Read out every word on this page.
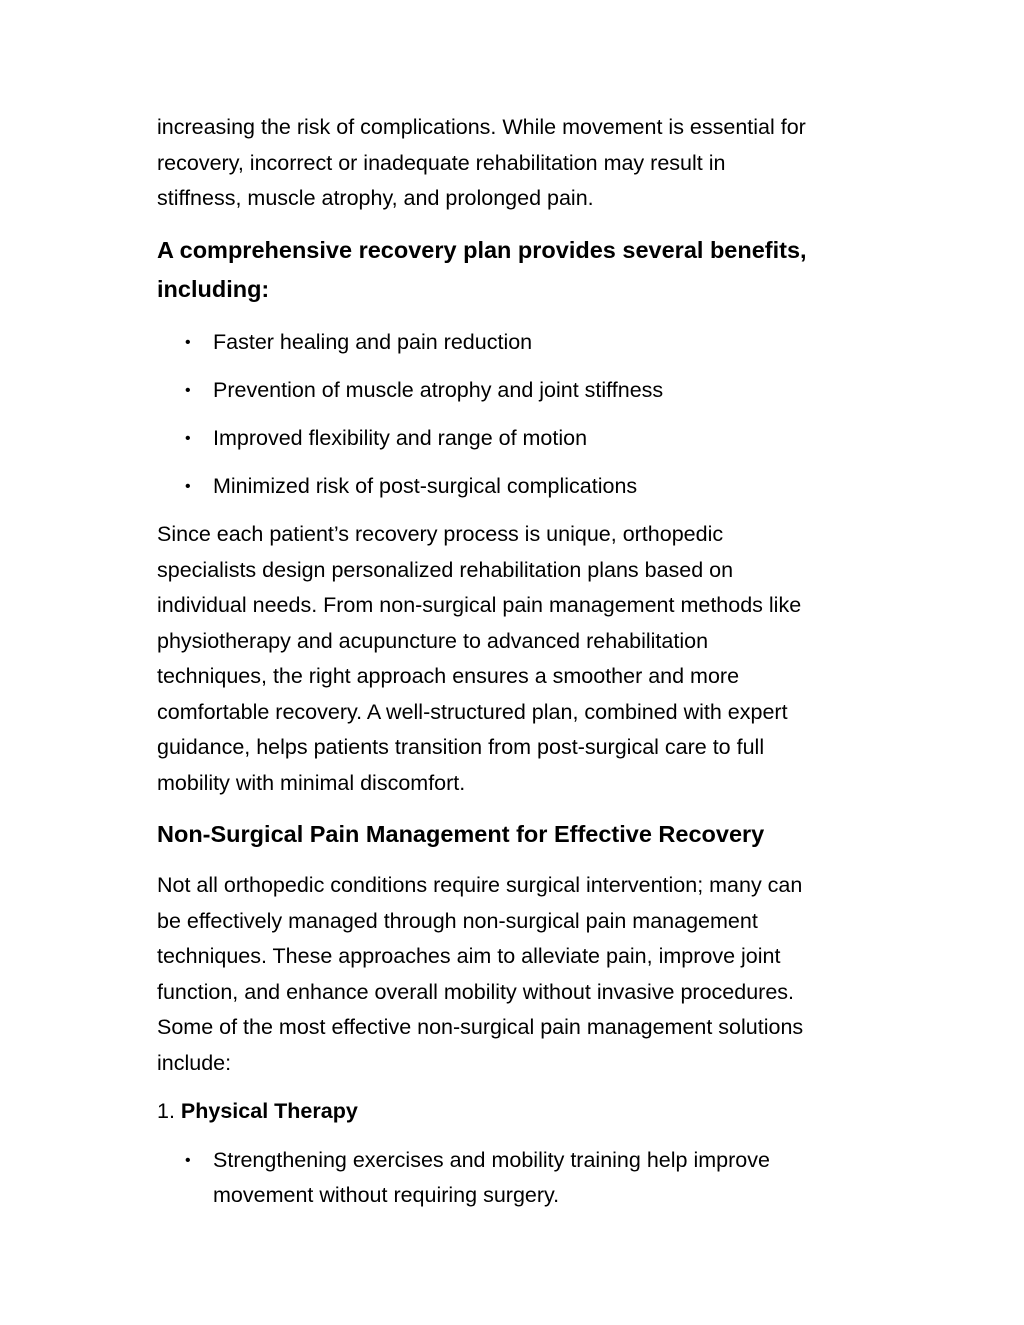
increasing the risk of complications. While movement is essential for
recovery, incorrect or inadequate rehabilitation may result in
stiffness, muscle atrophy, and prolonged pain.

A comprehensive recovery plan provides several benefits,
including:
• Faster healing and pain reduction
• Prevention of muscle atrophy and joint stiffness
• Improved flexibility and range of motion
• Minimized risk of post-surgical complications

Since each patient’s recovery process is unique, orthopedic
specialists design personalized rehabilitation plans based on
individual needs. From non-surgical pain management methods like
physiotherapy and acupuncture to advanced rehabilitation
techniques, the right approach ensures a smoother and more
comfortable recovery. A well-structured plan, combined with expert
guidance, helps patients transition from post-surgical care to full
mobility with minimal discomfort.

Non-Surgical Pain Management for Effective Recovery

Not all orthopedic conditions require surgical intervention; many can
be effectively managed through non-surgical pain management
techniques. These approaches aim to alleviate pain, improve joint
function, and enhance overall mobility without invasive procedures.
Some of the most effective non-surgical pain management solutions
include:

1. Physical Therapy

• Strengthening exercises and mobility training help improve
movement without requiring surgery.
